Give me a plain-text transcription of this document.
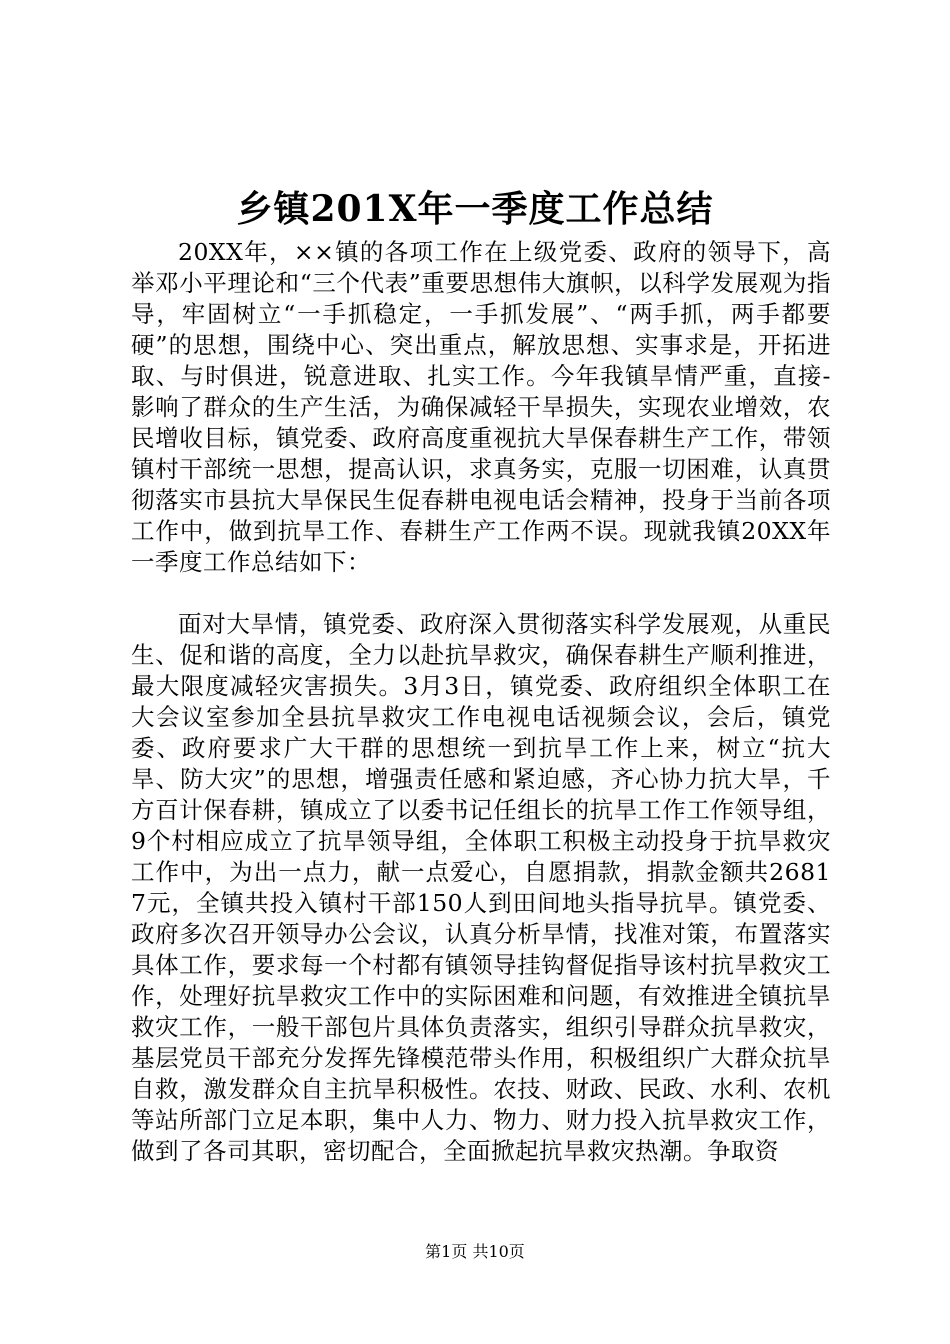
乡镇201X年一季度工作总结

20XX年，××镇的各项工作在上级党委、政府的领导下，高举邓小平理论和“三个代表”重要思想伟大旗帜，以科学发展观为指导，牢固树立“一手抓稳定，一手抓发展”、“两手抓，两手都要硬”的思想，围绕中心、突出重点，解放思想、实事求是，开拓进取、与时俱进，锐意进取、扎实工作。今年我镇旱情严重，直接-影响了群众的生产生活，为确保减轻干旱损失，实现农业增效，农民增收目标，镇党委、政府高度重视抗大旱保春耕生产工作，带领镇村干部统一思想，提高认识，求真务实，克服一切困难，认真贯彻落实市县抗大旱保民生促春耕电视电话会精神，投身于当前各项工作中，做到抗旱工作、春耕生产工作两不误。现就我镇20XX年一季度工作总结如下：

面对大旱情，镇党委、政府深入贯彻落实科学发展观，从重民生、促和谐的高度，全力以赴抗旱救灾，确保春耕生产顺利推进，最大限度减轻灾害损失。3月3日，镇党委、政府组织全体职工在大会议室参加全县抗旱救灾工作电视电话视频会议，会后，镇党委、政府要求广大干群的思想统一到抗旱工作上来，树立“抗大旱、防大灾”的思想，增强责任感和紧迫感，齐心协力抗大旱，千方百计保春耕，镇成立了以委书记任组长的抗旱工作工作领导组，9个村相应成立了抗旱领导组，全体职工积极主动投身于抗旱救灾工作中，为出一点力，献一点爱心，自愿捐款，捐款金额共26817元，全镇共投入镇村干部150人到田间地头指导抗旱。镇党委、政府多次召开领导办公会议，认真分析旱情，找准对策，布置落实具体工作，要求每一个村都有镇领导挂钩督促指导该村抗旱救灾工作，处理好抗旱救灾工作中的实际困难和问题，有效推进全镇抗旱救灾工作，一般干部包片具体负责落实，组织引导群众抗旱救灾，基层党员干部充分发挥先锋模范带头作用，积极组织广大群众抗旱自救，激发群众自主抗旱积极性。农技、财政、民政、水利、农机等站所部门立足本职，集中人力、物力、财力投入抗旱救灾工作，做到了各司其职，密切配合，全面掀起抗旱救灾热潮。争取资

第1页 共10页
